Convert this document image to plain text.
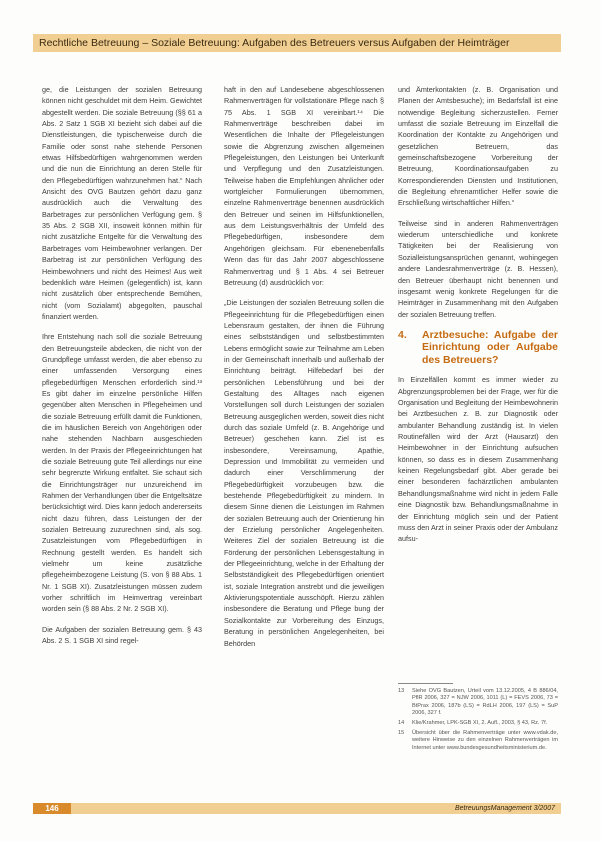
Rechtliche Betreuung – Soziale Betreuung: Aufgaben des Betreuers versus Aufgaben der Heimträger

ge, die Leistungen der sozialen Betreuung können nicht geschuldet mit dem Heim. Gewichtet abgestellt werden. Die soziale Betreuung (§§ 61 a Abs. 2 Satz 1 SGB XI bezieht sich dabei auf die Dienstleistungen, die typischerweise durch die Familie oder sonst nahe stehende Personen etwas Hilfsbedürftigen wahrgenommen werden und die nun die Einrichtung an deren Stelle für den Pflegebedürftigen wahrzunehmen hat.“ Nach Ansicht des OVG Bautzen gehört dazu ganz ausdrücklich auch die Verwaltung des Barbetrages zur persönlichen Verfügung gem. § 35 Abs. 2 SGB XII, insoweit können mithin für nicht zusätzliche Entgelte für die Verwaltung des Barbetrages vom Heimbewohner verlangen. Der Barbetrag ist zur persönlichen Verfügung des Heimbewohners und nicht des Heimes! Aus weit bedenklich wäre Heimen (gelegentlich) ist, kann nicht zusätzlich über entsprechende Bemühen, nicht (vom Sozialamt) abgegolten, pauschal finanziert werden.

Ihre Entstehung nach soll die soziale Betreuung den Betreuungsteile abdecken, die nicht von der Grundpflege umfasst werden, die aber ebenso zu einer umfassenden Versorgung eines pflegebedürftigen Menschen erforderlich sind.¹³ Es gibt daher im einzelne persönliche Hilfen gegenüber alten Menschen in Pflegeheimen und die soziale Betreuung erfüllt damit die Funktionen, die im häuslichen Bereich von Angehörigen oder nahe stehenden Nachbarn ausgeschieden werden. In der Praxis der Pflegeeinrichtungen hat die soziale Betreuung gute Teil allerdings nur eine sehr begrenzte Wirkung entfaltet. Sie schaut sich die Einrichtungsträger nur unzureichend im Rahmen der Verhandlungen über die Entgeltsätze berücksichtigt wird. Dies kann jedoch andererseits nicht dazu führen, dass Leistungen der der sozialen Betreuung zuzurechnen sind, als sog. Zusatzleistungen vom Pflegebedürftigen in Rechnung gestellt werden. Es handelt sich vielmehr um keine zusätzliche pflegeheimbezogene Leistung (S. von § 88 Abs. 1 Nr. 1 SGB XI). Zusatzleistungen müssen zudem vorher schriftlich im Heimvertrag vereinbart worden sein (§ 88 Abs. 2 Nr. 2 SGB XI).

Die Aufgaben der sozialen Betreuung gem. § 43 Abs. 2 S. 1 SGB XI sind regel-

haft in den auf Landesebene abgeschlossenen Rahmenverträgen für vollstationäre Pflege nach § 75 Abs. 1 SGB XI vereinbart.¹⁴ Die Rahmenverträge beschreiben dabei im Wesentlichen die Inhalte der Pflegeleistungen sowie die Abgrenzung zwischen allgemeinen Pflegeleistungen, den Leistungen bei Unterkunft und Verpflegung und den Zusatzleistungen. Teilweise haben die Empfehlungen ähnlicher oder wortgleicher Formulierungen übernommen, einzelne Rahmenverträge benennen ausdrücklich den Betreuer und seinen im Hilfsfunktionellen, aus dem Leistungsverhältnis der Umfeld des Pflegebedürftigen, insbesondere dem Angehörigen gleichsam. Für ebenenebenfalls Wenn das für das Jahr 2007 abgeschlossene Rahmenvertrag und § 1 Abs. 4 sei Betreuer Betreuung (d) ausdrücklich vor:

„Die Leistungen der sozialen Betreuung sollen die Pflegeeinrichtung für die Pflegebedürftigen einen Lebensraum gestalten, der ihnen die Führung eines selbstständigen und selbstbestimmten Lebens ermöglicht sowie zur Teilnahme am Leben in der Gemeinschaft innerhalb und außerhalb der Einrichtung beiträgt. Hilfebedarf bei der persönlichen Lebensführung und bei der Gestaltung des Alltages nach eigenen Vorstellungen soll durch Leistungen der sozialen Betreuung ausgeglichen werden, soweit dies nicht durch das soziale Umfeld (z. B. Angehörige und Betreuer) geschehen kann. Ziel ist es insbesondere, Vereinsamung, Apathie, Depression und Immobilität zu vermeiden und dadurch einer Verschlimmerung der Pflegebedürftigkeit vorzubeugen bzw. die bestehende Pflegebedürftigkeit zu mindern. In diesem Sinne dienen die Leistungen im Rahmen der sozialen Betreuung auch der Orientierung hin der Erzielung persönlicher Angelegenheiten. Weiteres Ziel der sozialen Betreuung ist die Förderung der persönlichen Lebensgestaltung in der Pflegeeinrichtung, welche in der Erhaltung der Selbstständigkeit des Pflegebedürftigen orientiert ist, soziale Integration anstrebt und die jeweiligen Aktivierungspotentiale ausschöpft. Hierzu zählen insbesondere die Beratung und Pflege bung der Sozialkontakte zur Vorbereitung des Einzugs, Beratung in persönlichen Angelegenheiten, bei Behörden

und Ämterkontakten (z. B. Organisation und Planen der Amtsbesuche); im Bedarfsfall ist eine notwendige Begleitung sicherzustellen. Ferner umfasst die soziale Betreuung im Einzelfall die Koordination der Kontakte zu Angehörigen und gesetzlichen Betreuern, das gemeinschaftsbezogene Vorbereitung der Betreuung, Koordinationsaufgaben zu Korrespondierenden Diensten und Institutionen, die Begleitung ehrenamtlicher Helfer sowie die Erschließung wirtschaftlicher Hilfen.“

Teilweise sind in anderen Rahmenverträgen wiederum unterschiedliche und konkrete Tätigkeiten bei der Realisierung von Sozialleistungsansprüchen genannt, wohingegen andere Landesrahmenverträge (z. B. Hessen), den Betreuer überhaupt nicht benennen und insgesamt wenig konkrete Regelungen für die Heimträger in Zusammenhang mit den Aufgaben der sozialen Betreuung treffen.

4.	Arztbesuche: Aufgabe der Einrichtung oder Aufgabe des Betreuers?

In Einzelfällen kommt es immer wieder zu Abgrenzungsproblemen bei der Frage, wer für die Organisation und Begleitung der Heimbewohnerin bei Arztbesuchen z. B. zur Diagnostik oder ambulanter Behandlung zuständig ist. In vielen Routinefällen wird der Arzt (Hausarzt) den Heimbewohner in der Einrichtung aufsuchen können, so dass es in diesem Zusammenhang keinen Regelungsbedarf gibt. Aber gerade bei einer besonderen fachärztlichen ambulanten Behandlungsmaßnahme wird nicht in jedem Falle eine Diagnostik bzw. Behandlungsmaßnahme in der Einrichtung möglich sein und der Patient muss den Arzt in seiner Praxis oder der Ambulanz aufsu-

13	Siehe OVG Bautzen, Urteil vom 13.12.2005, 4 B 886/04, PflR 2006, 327 = NJW 2006, 1011 (L) = FEVS 2006, 73 = BtPrax 2006, 187b (LS) = RdLH 2006, 197 (LS) = SuP 2006, 327 f.
14	Klie/Krahmer, LPK-SGB XI, 2. Aufl., 2003, § 43, Rz. 7f.
15	Übersicht über die Rahmenverträge unter www.vdak.de, weitere Hinweise zu den einzelnen Rahmenverträgen im Internet unter www.bundesgesundheitsministerium.de.
146	BetreuungsManagement 3/2007
